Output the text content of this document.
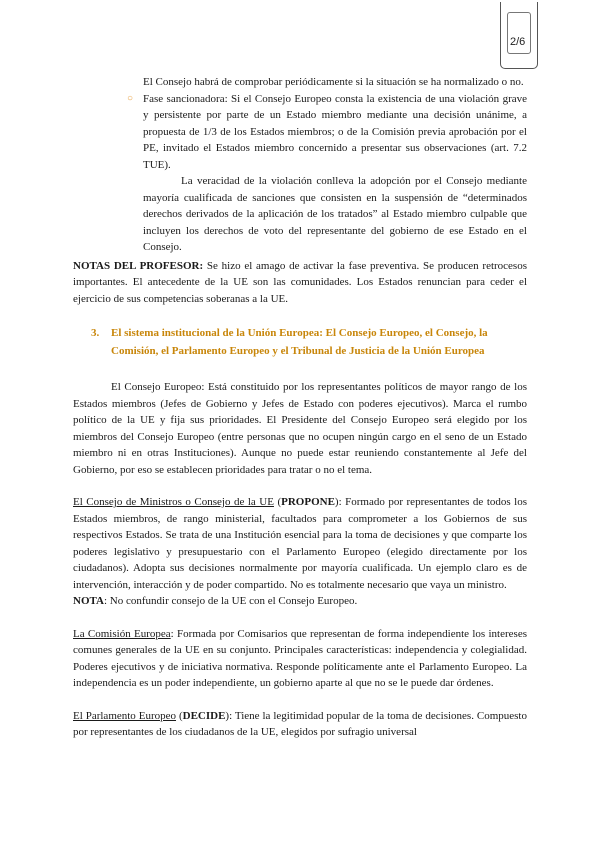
2/6

El Consejo habrá de comprobar periódicamente si la situación se ha normalizado o no.

○ Fase sancionadora: Si el Consejo Europeo consta la existencia de una violación grave y persistente por parte de un Estado miembro mediante una decisión unánime, a propuesta de 1/3 de los Estados miembros; o de la Comisión previa aprobación por el PE, invitado el Estados miembro concernido a presentar sus observaciones (art. 7.2 TUE).

La veracidad de la violación conlleva la adopción por el Consejo mediante mayoría cualificada de sanciones que consisten en la suspensión de “determinados derechos derivados de la aplicación de los tratados” al Estado miembro culpable que incluyen los derechos de voto del representante del gobierno de ese Estado en el Consejo.

NOTAS DEL PROFESOR: Se hizo el amago de activar la fase preventiva. Se producen retrocesos importantes. El antecedente de la UE son las comunidades. Los Estados renuncian para ceder el ejercicio de sus competencias soberanas a la UE.

3. El sistema institucional de la Unión Europea: El Consejo Europeo, el Consejo, la Comisión, el Parlamento Europeo y el Tribunal de Justicia de la Unión Europea

El Consejo Europeo: Está constituido por los representantes políticos de mayor rango de los Estados miembros (Jefes de Gobierno y Jefes de Estado con poderes ejecutivos). Marca el rumbo político de la UE y fija sus prioridades. El Presidente del Consejo Europeo será elegido por los miembros del Consejo Europeo (entre personas que no ocupen ningún cargo en el seno de un Estado miembro ni en otras Instituciones). Aunque no puede estar reuniendo constantemente al Jefe del Gobierno, por eso se establecen prioridades para tratar o no el tema.

El Consejo de Ministros o Consejo de la UE (PROPONE): Formado por representantes de todos los Estados miembros, de rango ministerial, facultados para comprometer a los Gobiernos de sus respectivos Estados. Se trata de una Institución esencial para la toma de decisiones y que comparte los poderes legislativo y presupuestario con el Parlamento Europeo (elegido directamente por los ciudadanos). Adopta sus decisiones normalmente por mayoría cualificada. Un ejemplo claro es de intervención, interacción y de poder compartido. No es totalmente necesario que vaya un ministro.

NOTA: No confundir consejo de la UE con el Consejo Europeo.

La Comisión Europea: Formada por Comisarios que representan de forma independiente los intereses comunes generales de la UE en su conjunto. Principales características: independencia y colegialidad. Poderes ejecutivos y de iniciativa normativa. Responde políticamente ante el Parlamento Europeo. La independencia es un poder independiente, un gobierno aparte al que no se le puede dar órdenes.

El Parlamento Europeo (DECIDE): Tiene la legitimidad popular de la toma de decisiones. Compuesto por representantes de los ciudadanos de la UE, elegidos por sufragio universal
